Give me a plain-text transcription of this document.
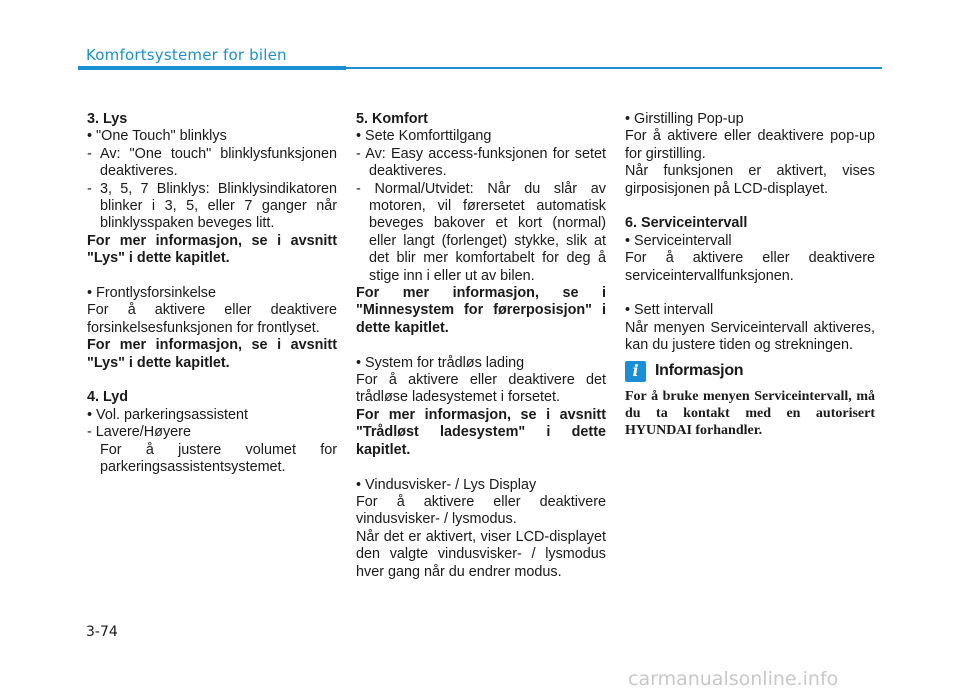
Komfortsystemer for bilen

3. Lys

• "One Touch" blinklys

- Av: "One touch" blinklysfunksjonen deaktiveres.

- 3, 5, 7 Blinklys: Blinklysindikatoren blinker i 3, 5, eller 7 ganger når blinklysspaken beveges litt.

For mer informasjon, se i avsnitt "Lys" i dette kapitlet.

• Frontlysforsinkelse

For å aktivere eller deaktivere forsinkelsesfunksjonen for frontlyset.

For mer informasjon, se i avsnitt "Lys" i dette kapitlet.

4. Lyd

• Vol. parkeringsassistent

- Lavere/Høyere

For å justere volumet for parkeringsassistentsystemet.

5. Komfort

• Sete Komforttilgang

- Av: Easy access-funksjonen for setet deaktiveres.

- Normal/Utvidet: Når du slår av motoren, vil førersetet automatisk beveges bakover et kort (normal) eller langt (forlenget) stykke, slik at det blir mer komfortabelt for deg å stige inn i eller ut av bilen.

For mer informasjon, se i "Minnesystem for førerposisjon" i dette kapitlet.

• System for trådløs lading

For å aktivere eller deaktivere det trådløse ladesystemet i forsetet.

For mer informasjon, se i avsnitt "Trådløst ladesystem" i dette kapitlet.

• Vindusvisker- / Lys Display

For å aktivere eller deaktivere vindusvisker- / lysmodus.

Når det er aktivert, viser LCD-displayet den valgte vindusvisker- / lysmodus hver gang når du endrer modus.

• Girstilling Pop-up

For å aktivere eller deaktivere pop-up for girstilling.

Når funksjonen er aktivert, vises girposisjonen på LCD-displayet.

6. Serviceintervall

• Serviceintervall

For å aktivere eller deaktivere serviceintervallfunksjonen.

• Sett intervall

Når menyen Serviceintervall aktiveres, kan du justere tiden og strekningen.

i	Informasjon

For å bruke menyen Serviceintervall, må du ta kontakt med en autorisert HYUNDAI forhandler.

3-74
carmanualsonline.info
